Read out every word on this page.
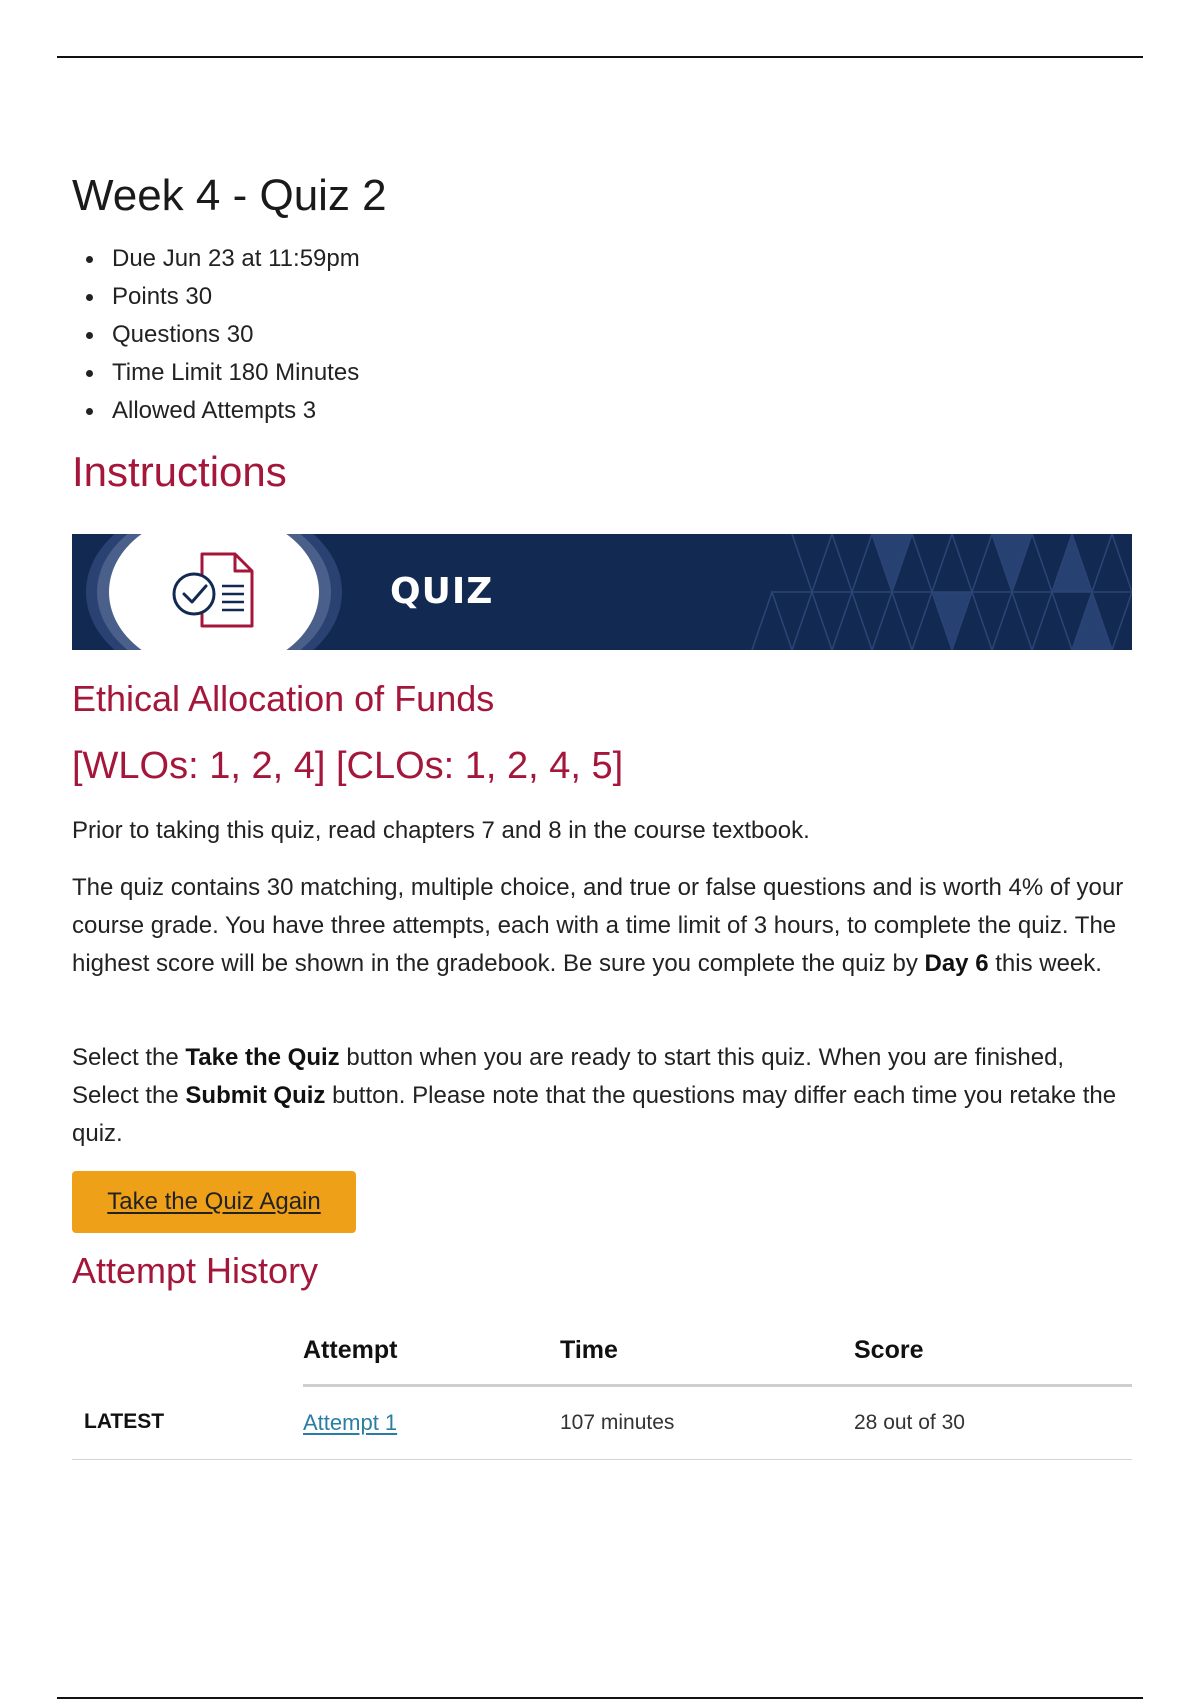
Week 4 - Quiz 2
Due Jun 23 at 11:59pm
Points 30
Questions 30
Time Limit 180 Minutes
Allowed Attempts 3
Instructions
QUIZ
Ethical Allocation of Funds
[WLOs: 1, 2, 4] [CLOs: 1, 2, 4, 5]

Prior to taking this quiz, read chapters 7 and 8 in the course textbook.

The quiz contains 30 matching, multiple choice, and true or false questions and is worth 4% of your course grade. You have three attempts, each with a time limit of 3 hours, to complete the quiz. The highest score will be shown in the gradebook. Be sure you complete the quiz by Day 6 this week.

Select the Take the Quiz button when you are ready to start this quiz. When you are finished, Select the Submit Quiz button. Please note that the questions may differ each time you retake the quiz.

Take the Quiz Again
Attempt History
	Attempt	Time	Score
LATEST	Attempt 1	107 minutes	28 out of 30
